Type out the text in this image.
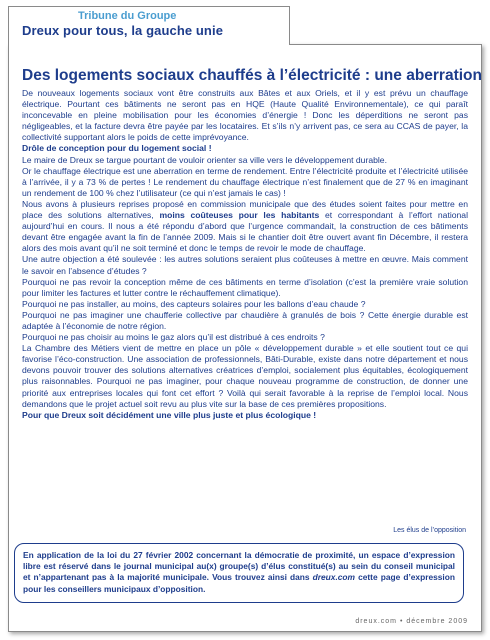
Tribune du Groupe
Dreux pour tous, la gauche unie
Des logements sociaux chauffés à l’électricité : une aberration

De nouveaux logements sociaux vont être construits aux Bâtes et aux Oriels, et il y est prévu un chauffage électrique. Pourtant ces bâtiments ne seront pas en HQE (Haute Qualité Environnementale), ce qui paraît inconcevable en pleine mobilisation pour les économies d’énergie ! Donc les déperditions ne seront pas négligeables, et la facture devra être payée par les locataires. Et s’ils n’y arrivent pas, ce sera au CCAS de payer, la collectivité supportant alors le poids de cette imprévoyance.

Drôle de conception pour du logement social !

Le maire de Dreux se targue pourtant de vouloir orienter sa ville vers le développement durable.

Or le chauffage électrique est une aberration en terme de rendement. Entre l’électricité produite et l’électricité utilisée à l’arrivée, il y a 73 % de pertes ! Le rendement du chauffage électrique n’est finalement que de 27 % en imaginant un rendement de 100 % chez l’utilisateur (ce qui n’est jamais le cas) !

Nous avons à plusieurs reprises proposé en commission municipale que des études soient faites pour mettre en place des solutions alternatives, moins coûteuses pour les habitants et correspondant à l’effort national aujourd’hui en cours. Il nous a été répondu d’abord que l’urgence commandait, la construction de ces bâtiments devant être engagée avant la fin de l’année 2009. Mais si le chantier doit être ouvert avant fin Décembre, il restera alors des mois avant qu’il ne soit terminé et donc le temps de revoir le mode de chauffage.

Une autre objection a été soulevée : les autres solutions seraient plus coûteuses à mettre en œuvre. Mais comment le savoir en l’absence d’études ?

Pourquoi ne pas revoir la conception même de ces bâtiments en terme d’isolation (c’est la première vraie solution pour limiter les factures et lutter contre le réchauffement climatique).

Pourquoi ne pas installer, au moins, des capteurs solaires pour les ballons d’eau chaude ?

Pourquoi ne pas imaginer une chaufferie collective par chaudière à granulés de bois ? Cette énergie durable est adaptée à l’économie de notre région.

Pourquoi ne pas choisir au moins le gaz alors qu’il est distribué à ces endroits ?

La Chambre des Métiers vient de mettre en place un pôle « développement durable » et elle soutient tout ce qui favorise l’éco-construction. Une association de professionnels, Bâti-Durable, existe dans notre département et nous devons pouvoir trouver des solutions alternatives créatrices d’emploi, socialement plus équitables, écologiquement plus raisonnables. Pourquoi ne pas imaginer, pour chaque nouveau programme de construction, de donner une priorité aux entreprises locales qui font cet effort ? Voilà qui serait favorable à la reprise de l’emploi local. Nous demandons que le projet actuel soit revu au plus vite sur la base de ces premières propositions.

Pour que Dreux soit décidément une ville plus juste et plus écologique !

Les élus de l’opposition
En application de la loi du 27 février 2002 concernant la démocratie de proximité, un espace d’expression libre est réservé dans le journal municipal au(x) groupe(s) d’élus constitué(s) au sein du conseil municipal et n’appartenant pas à la majorité municipale. Vous trouvez ainsi dans dreux.com cette page d’expression pour les conseillers municipaux d’opposition.
dreux.com • décembre 2009
